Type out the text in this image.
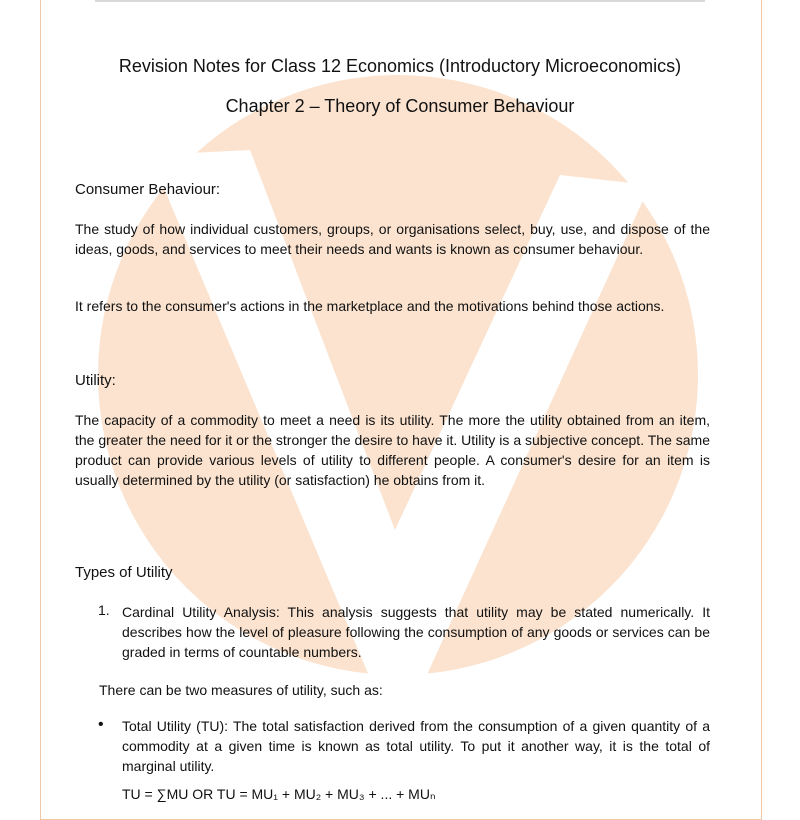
Revision Notes for Class 12 Economics (Introductory Microeconomics)
Chapter 2 – Theory of Consumer Behaviour
Consumer Behaviour:
The study of how individual customers, groups, or organisations select, buy, use, and dispose of the ideas, goods, and services to meet their needs and wants is known as consumer behaviour.
It refers to the consumer's actions in the marketplace and the motivations behind those actions.
Utility:
The capacity of a commodity to meet a need is its utility. The more the utility obtained from an item, the greater the need for it or the stronger the desire to have it. Utility is a subjective concept. The same product can provide various levels of utility to different people. A consumer's desire for an item is usually determined by the utility (or satisfaction) he obtains from it.
Types of Utility
1. Cardinal Utility Analysis: This analysis suggests that utility may be stated numerically. It describes how the level of pleasure following the consumption of any goods or services can be graded in terms of countable numbers.
There can be two measures of utility, such as:
• Total Utility (TU): The total satisfaction derived from the consumption of a given quantity of a commodity at a given time is known as total utility. To put it another way, it is the total of marginal utility.
TU = ∑MU OR TU = MU₁ + MU₂ + MU₃ + ... + MUₙ
